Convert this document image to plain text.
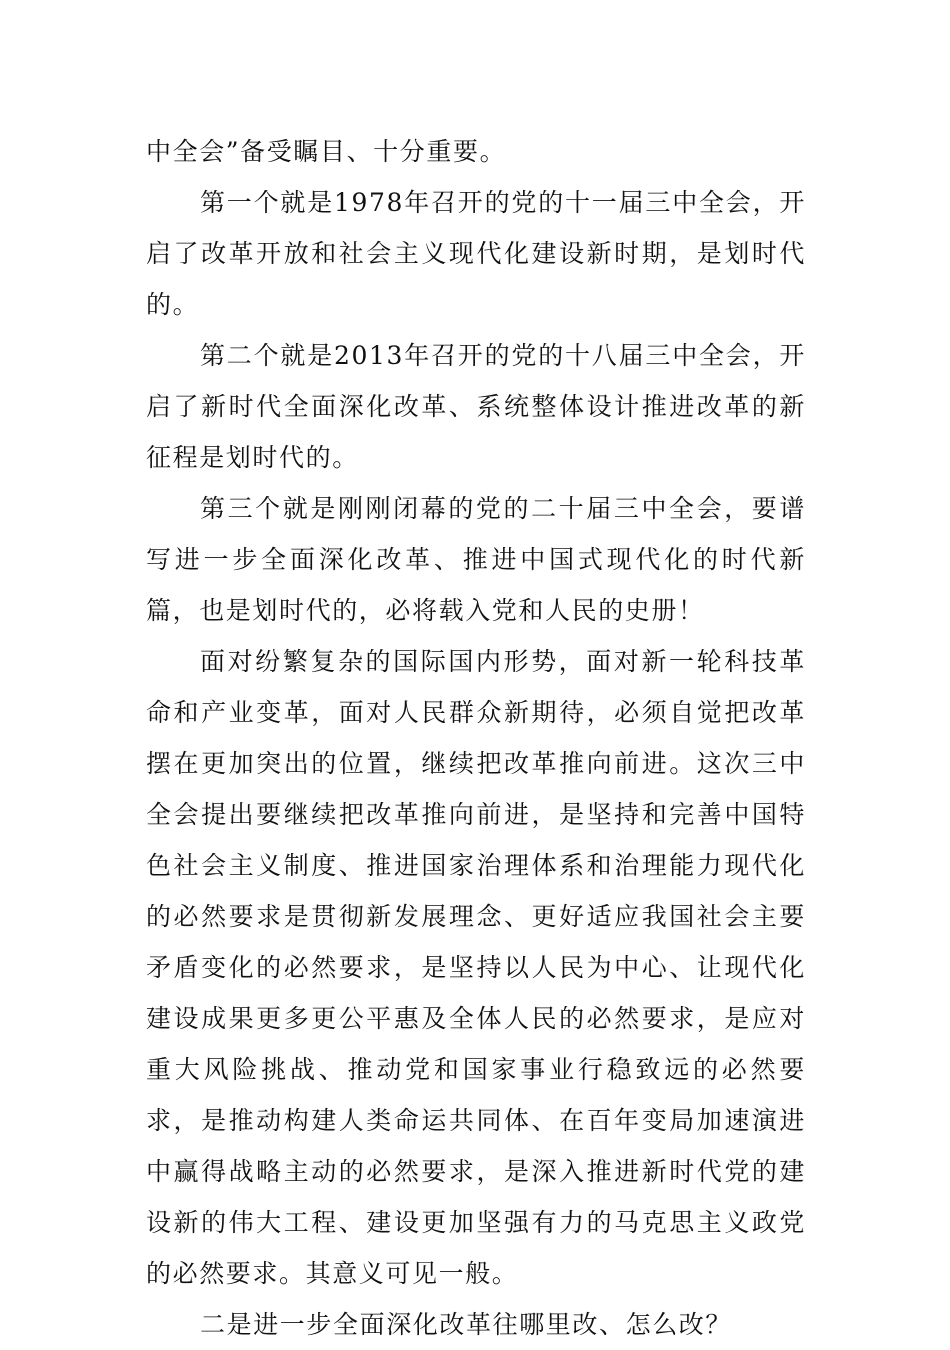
中全会”备受瞩目、十分重要。

第一个就是1978年召开的党的十一届三中全会，开启了改革开放和社会主义现代化建设新时期，是划时代的。

第二个就是2013年召开的党的十八届三中全会，开启了新时代全面深化改革、系统整体设计推进改革的新征程是划时代的。

第三个就是刚刚闭幕的党的二十届三中全会，要谱写进一步全面深化改革、推进中国式现代化的时代新篇，也是划时代的，必将载入党和人民的史册！

面对纷繁复杂的国际国内形势，面对新一轮科技革命和产业变革，面对人民群众新期待，必须自觉把改革摆在更加突出的位置，继续把改革推向前进。这次三中全会提出要继续把改革推向前进，是坚持和完善中国特色社会主义制度、推进国家治理体系和治理能力现代化的必然要求是贯彻新发展理念、更好适应我国社会主要矛盾变化的必然要求，是坚持以人民为中心、让现代化建设成果更多更公平惠及全体人民的必然要求，是应对重大风险挑战、推动党和国家事业行稳致远的必然要求，是推动构建人类命运共同体、在百年变局加速演进中赢得战略主动的必然要求，是深入推进新时代党的建设新的伟大工程、建设更加坚强有力的马克思主义政党的必然要求。其意义可见一般。

二是进一步全面深化改革往哪里改、怎么改？
